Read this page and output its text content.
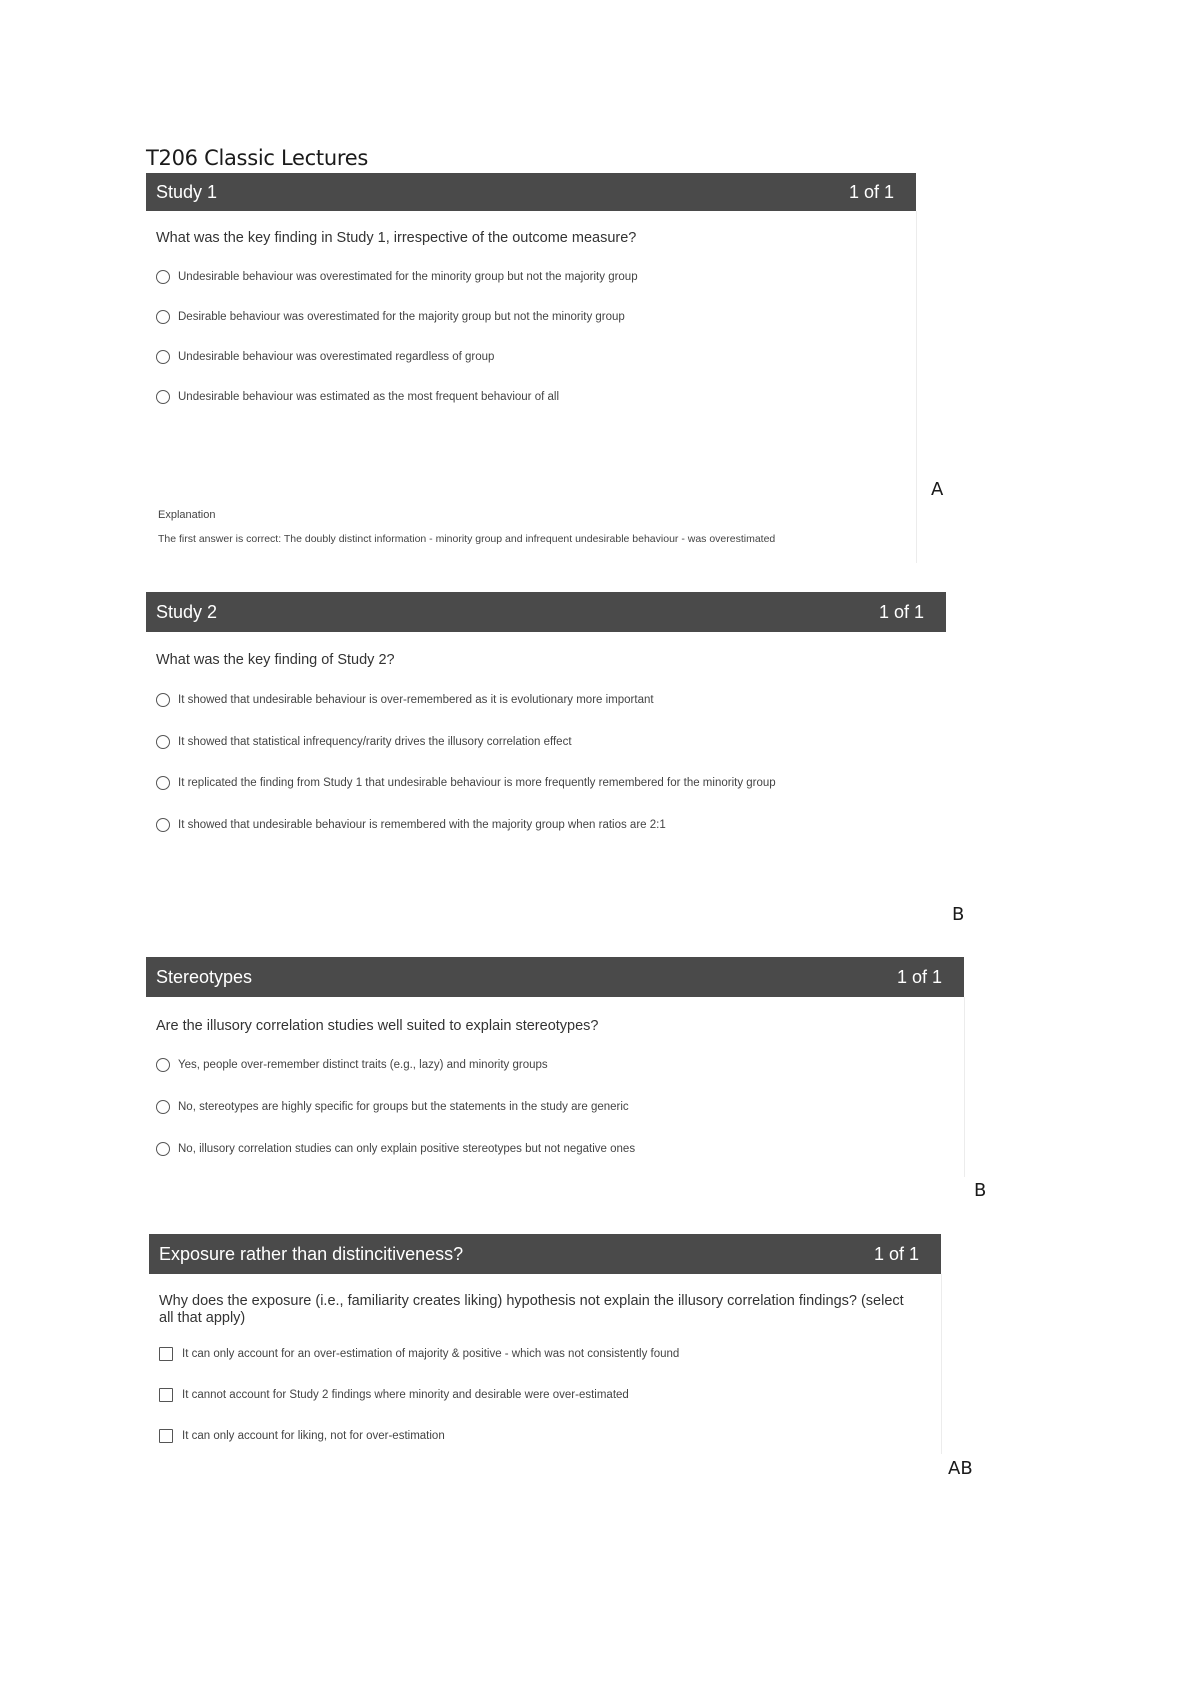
T206 Classic Lectures
Study 1	1 of 1
What was the key finding in Study 1, irrespective of the outcome measure?
Undesirable behaviour was overestimated for the minority group but not the majority group
Desirable behaviour was overestimated for the majority group but not the minority group
Undesirable behaviour was overestimated regardless of group
Undesirable behaviour was estimated as the most frequent behaviour of all
Explanation
The first answer is correct: The doubly distinct information - minority group and infrequent undesirable behaviour - was overestimated
A
Study 2	1 of 1
What was the key finding of Study 2?
It showed that undesirable behaviour is over-remembered as it is evolutionary more important
It showed that statistical infrequency/rarity drives the illusory correlation effect
It replicated the finding from Study 1 that undesirable behaviour is more frequently remembered for the minority group
It showed that undesirable behaviour is remembered with the majority group when ratios are 2:1
B
Stereotypes	1 of 1
Are the illusory correlation studies well suited to explain stereotypes?
Yes, people over-remember distinct traits (e.g., lazy) and minority groups
No, stereotypes are highly specific for groups but the statements in the study are generic
No, illusory correlation studies can only explain positive stereotypes but not negative ones
B
Exposure rather than distincitiveness?	1 of 1
Why does the exposure (i.e., familiarity creates liking) hypothesis not explain the illusory correlation findings? (select all that apply)
It can only account for an over-estimation of majority & positive - which was not consistently found
It cannot account for Study 2 findings where minority and desirable were over-estimated
It can only account for liking, not for over-estimation
AB
